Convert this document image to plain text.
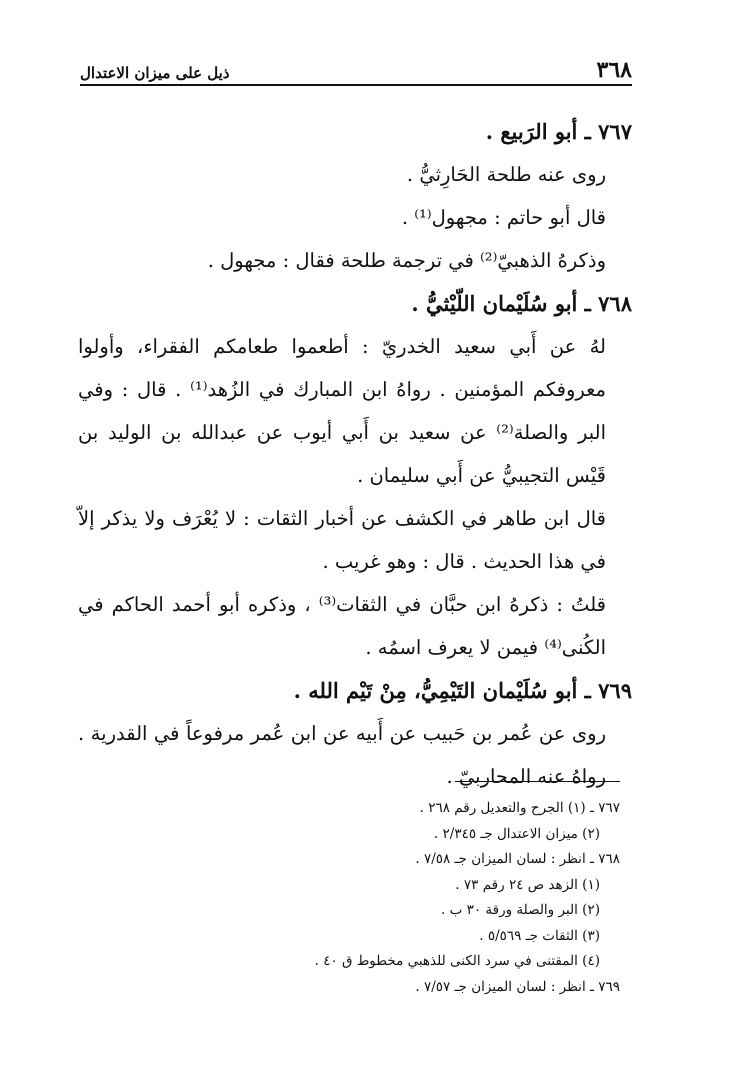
٣٦٨
ذيل على ميزان الاعتدال

٧٦٧ ـ أبو الرَبيع .

روى عنه طلحة الحَارِثيُّ .

قال أبو حاتم : مجهول⁽¹⁾ .

وذكرهُ الذهبيّ⁽²⁾ في ترجمة طلحة فقال : مجهول .

٧٦٨ ـ أبو سُلَيْمان اللّيْثيُّ .

لهُ عن أَبي سعيد الخدريّ : أطعموا طعامكم الفقراء، وأولوا معروفكم المؤمنين . رواهُ ابن المبارك في الزُهد⁽¹⁾ . قال : وفي البر والصلة⁽²⁾ عن سعيد بن أَبي أيوب عن عبدالله بن الوليد بن قَيْس التجيبيُّ عن أَبي سليمان .

قال ابن طاهر في الكشف عن أخبار الثقات : لا يُعْرَف ولا يذكر إلاّ في هذا الحديث . قال : وهو غريب .

قلتُ : ذكرهُ ابن حبَّان في الثقات⁽³⁾ ، وذكره أبو أحمد الحاكم في الكُنى⁽⁴⁾ فيمن لا يعرف اسمُه .

٧٦٩ ـ أبو سُلَيْمان التَيْمِيُّ، مِنْ تَيْم الله .

روى عن عُمر بن حَبيب عن أَبيه عن ابن عُمر مرفوعاً في القدرية . رواهُ عنه المحاربيّ .

٧٦٧ ـ (١) الجرح والتعديل رقم ٢٦٨ .

(٢) ميزان الاعتدال جـ ٢/٣٤٥ .

٧٦٨ ـ انظر : لسان الميزان جـ ٧/٥٨ .

(١) الزهد ص ٢٤ رقم ٧٣ .

(٢) البر والصلة ورقة ٣٠ ب .

(٣) الثقات جـ ٥/٥٦٩ .

(٤) المقتنى في سرد الكنى للذهبي مخطوط ق ٤٠ .

٧٦٩ ـ انظر : لسان الميزان جـ ٧/٥٧ .
